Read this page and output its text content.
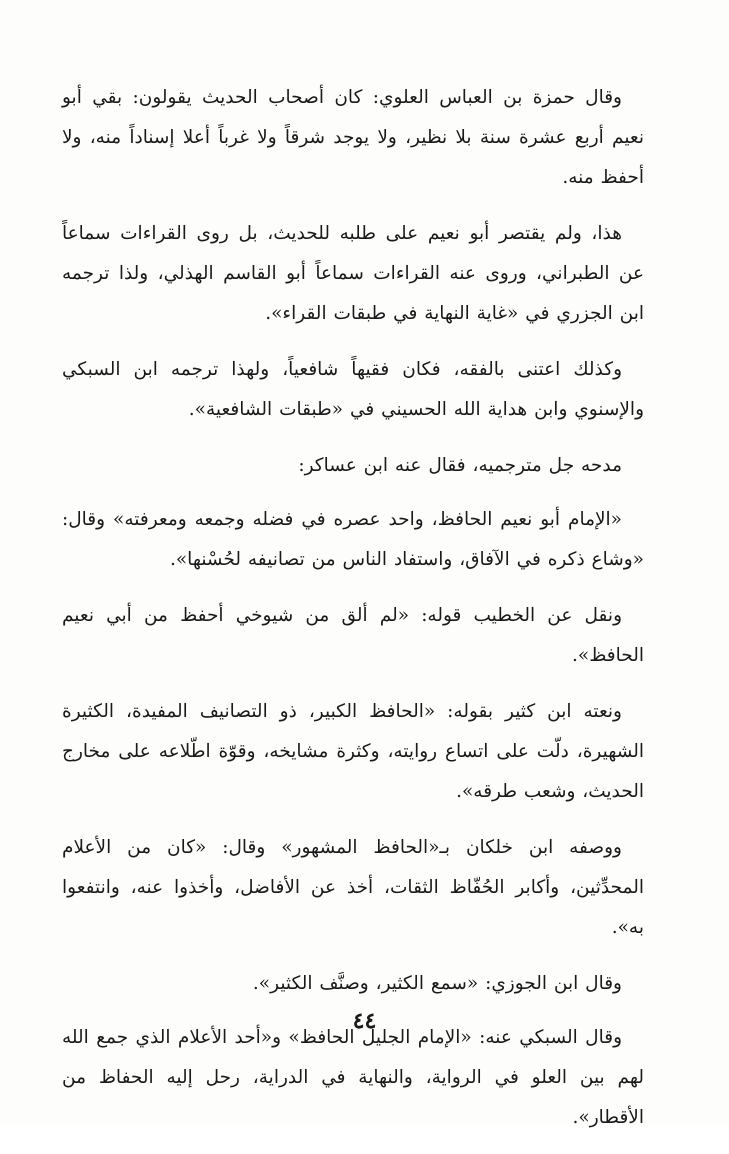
وقال حمزة بن العباس العلوي: كان أصحاب الحديث يقولون: بقي أبو نعيم أربع عشرة سنة بلا نظير، ولا يوجد شرقاً ولا غرباً أعلا إسناداً منه، ولا أحفظ منه.

هذا، ولم يقتصر أبو نعيم على طلبه للحديث، بل روى القراءات سماعاً عن الطبراني، وروى عنه القراءات سماعاً أبو القاسم الهذلي، ولذا ترجمه ابن الجزري في «غاية النهاية في طبقات القراء».

وكذلك اعتنى بالفقه، فكان فقيهاً شافعياً، ولهذا ترجمه ابن السبكي والإسنوي وابن هداية الله الحسيني في «طبقات الشافعية».

مدحه جل مترجميه، فقال عنه ابن عساكر:

«الإمام أبو نعيم الحافظ، واحد عصره في فضله وجمعه ومعرفته» وقال: «وشاع ذكره في الآفاق، واستفاد الناس من تصانيفه لحُسْنها».

ونقل عن الخطيب قوله: «لم ألق من شيوخي أحفظ من أبي نعيم الحافظ».

ونعته ابن كثير بقوله: «الحافظ الكبير، ذو التصانيف المفيدة، الكثيرة الشهيرة، دلّت على اتساع روايته، وكثرة مشايخه، وقوّة اطّلاعه على مخارج الحديث، وشعب طرقه».

ووصفه ابن خلكان بـ«الحافظ المشهور» وقال: «كان من الأعلام المحدِّثين، وأكابر الحُفّاظ الثقات، أخذ عن الأفاضل، وأخذوا عنه، وانتفعوا به».

وقال ابن الجوزي: «سمع الكثير، وصنَّف الكثير».

وقال السبكي عنه: «الإمام الجليل الحافظ» و«أحد الأعلام الذي جمع الله لهم بين العلو في الرواية، والنهاية في الدراية، رحل إليه الحفاظ من الأقطار».

٤٤
